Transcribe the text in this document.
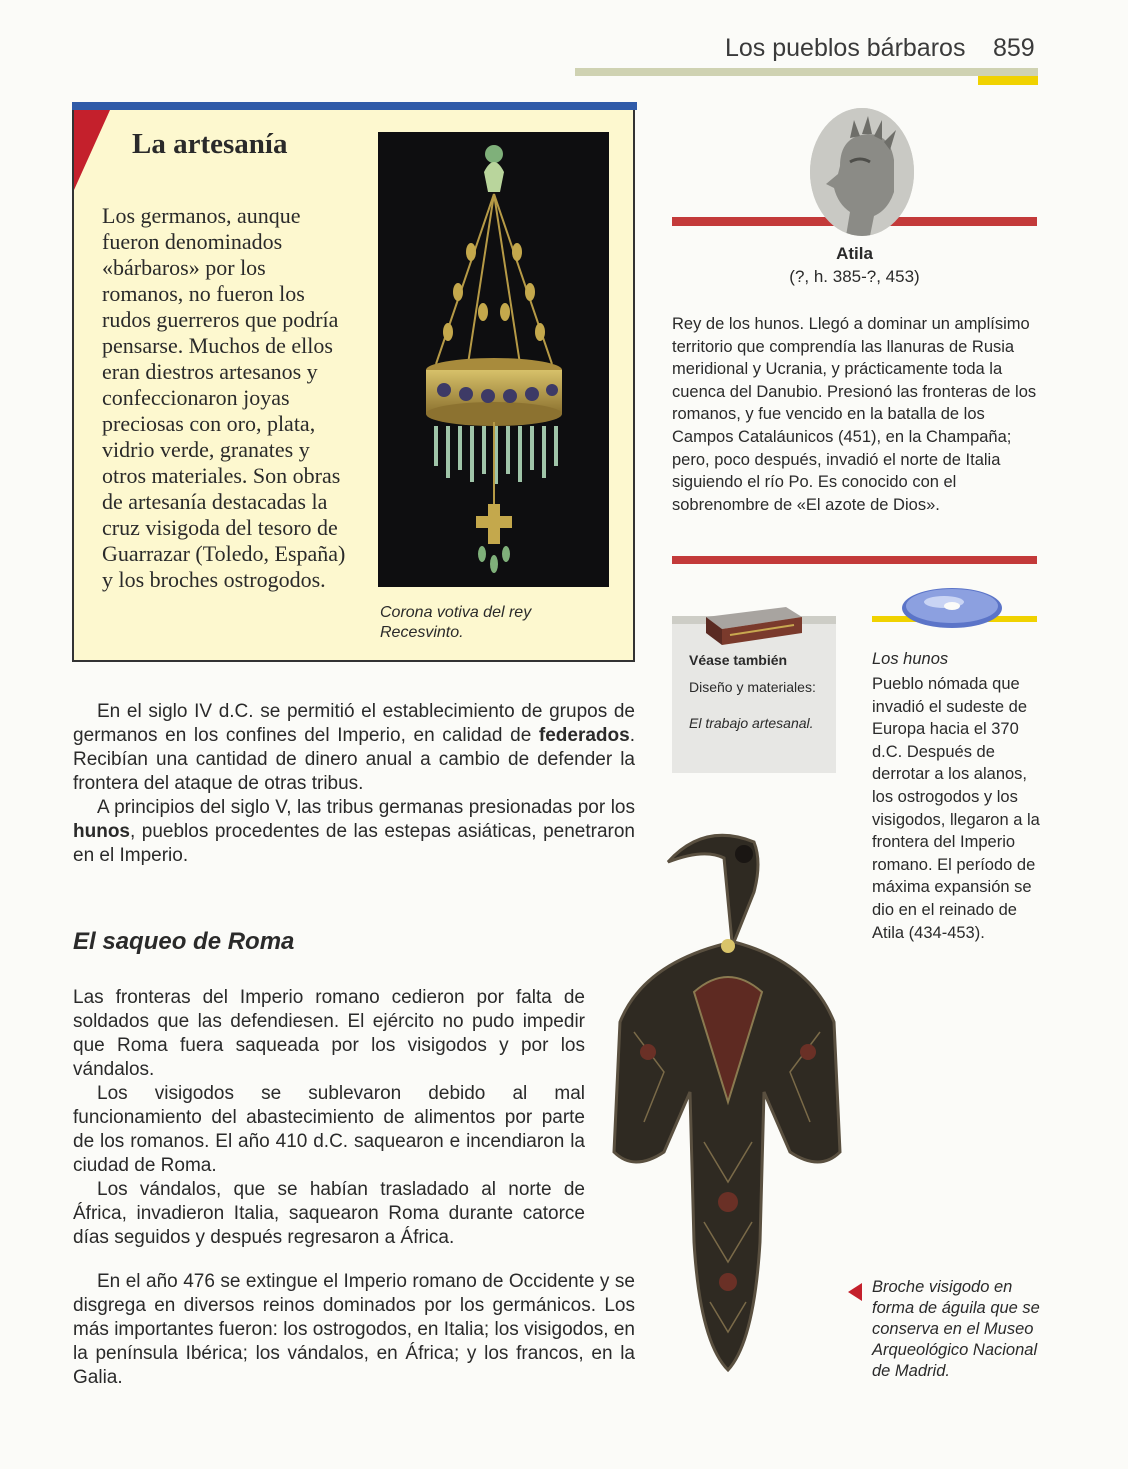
Los pueblos bárbaros 859
La artesanía
Los germanos, aunque fueron denominados «bárbaros» por los romanos, no fueron los rudos guerreros que podría pensarse. Muchos de ellos eran diestros artesanos y confeccionaron joyas preciosas con oro, plata, vidrio verde, granates y otros materiales. Son obras de artesanía destacadas la cruz visigoda del tesoro de Guarrazar (Toledo, España) y los broches ostrogodos.
Corona votiva del rey Recesvinto.
En el siglo IV d.C. se permitió el establecimiento de grupos de germanos en los confines del Imperio, en calidad de federados. Recibían una cantidad de dinero anual a cambio de defender la frontera del ataque de otras tribus.
A principios del siglo V, las tribus germanas presionadas por los hunos, pueblos procedentes de las estepas asiáticas, penetraron en el Imperio.
El saqueo de Roma
Las fronteras del Imperio romano cedieron por falta de soldados que las defendiesen. El ejército no pudo impedir que Roma fuera saqueada por los visigodos y por los vándalos.
Los visigodos se sublevaron debido al mal funcionamiento del abastecimiento de alimentos por parte de los romanos. El año 410 d.C. saquearon e incendiaron la ciudad de Roma.
Los vándalos, que se habían trasladado al norte de África, invadieron Italia, saquearon Roma durante catorce días seguidos y después regresaron a África.
En el año 476 se extingue el Imperio romano de Occidente y se disgrega en diversos reinos dominados por los germánicos. Los más importantes fueron: los ostrogodos, en Italia; los visigodos, en la península Ibérica; los vándalos, en África; y los francos, en la Galia.
Atila
(?, h. 385-?, 453)
Rey de los hunos. Llegó a dominar un amplísimo territorio que comprendía las llanuras de Rusia meridional y Ucrania, y prácticamente toda la cuenca del Danubio. Presionó las fronteras de los romanos, y fue vencido en la batalla de los Campos Cataláunicos (451), en la Champaña; pero, poco después, invadió el norte de Italia siguiendo el río Po. Es conocido con el sobrenombre de «El azote de Dios».
Véase también
Diseño y materiales:
El trabajo artesanal.
Los hunos
Pueblo nómada que invadió el sudeste de Europa hacia el 370 d.C. Después de derrotar a los alanos, los ostrogodos y los visigodos, llegaron a la frontera del Imperio romano. El período de máxima expansión se dio en el reinado de Atila (434-453).
Broche visigodo en forma de águila que se conserva en el Museo Arqueológico Nacional de Madrid.
